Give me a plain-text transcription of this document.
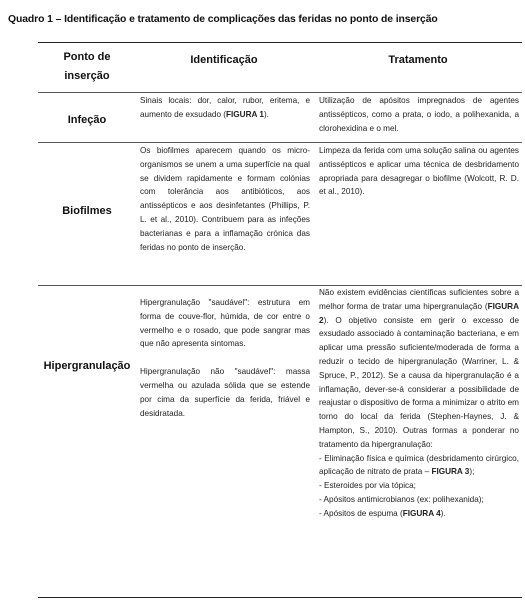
Quadro 1 – Identificação e tratamento de complicações das feridas no ponto de inserção
Ponto de
inserção
Identificação	Tratamento
Infeção
Sinais locais: dor, calor, rubor, eritema, e aumento de exsudado (FIGURA 1).
Utilização de apósitos impregnados de agentes antissépticos, como a prata, o iodo, a polihexanida, a clorohexidina e o mel.
Biofilmes
Os biofilmes aparecem quando os micro-organismos se unem a uma superfície na qual se dividem rapidamente e formam colónias com tolerância aos antibióticos, aos antissépticos e aos desinfetantes (Phillips, P. L. et al., 2010). Contribuem para as infeções bacterianas e para a inflamação crónica das feridas no ponto de inserção.
Limpeza da ferida com uma solução salina ou agentes antissépticos e aplicar uma técnica de desbridamento apropriada para desagregar o biofilme (Wolcott, R. D. et al., 2010).
Hipergranulação

Hipergranulação "saudável": estrutura em forma de couve-flor, húmida, de cor entre o vermelho e o rosado, que pode sangrar mas que não apresenta sintomas.

Hipergranulação não "saudável": massa vermelha ou azulada sólida que se estende por cima da superfície da ferida, friável e desidratada.

Não existem evidências científicas suficientes sobre a melhor forma de tratar uma hipergranulação (FIGURA 2). O objetivo consiste em gerir o excesso de exsudado associado à contaminação bacteriana, e em aplicar uma pressão suficiente/moderada de forma a reduzir o tecido de hipergranulação (Warriner, L. & Spruce, P., 2012). Se a causa da hipergranulação é a inflamação, dever-se-á considerar a possibilidade de reajustar o dispositivo de forma a minimizar o atrito em torno do local da ferida (Stephen-Haynes, J. & Hampton, S., 2010). Outras formas a ponderar no tratamento da hipergranulação:

- Eliminação física e química (desbridamento cirúrgico, aplicação de nitrato de prata – FIGURA 3);

- Esteroides por via tópica;

- Apósitos antimicrobianos (ex: polihexanida);

- Apósitos de espuma (FIGURA 4).
